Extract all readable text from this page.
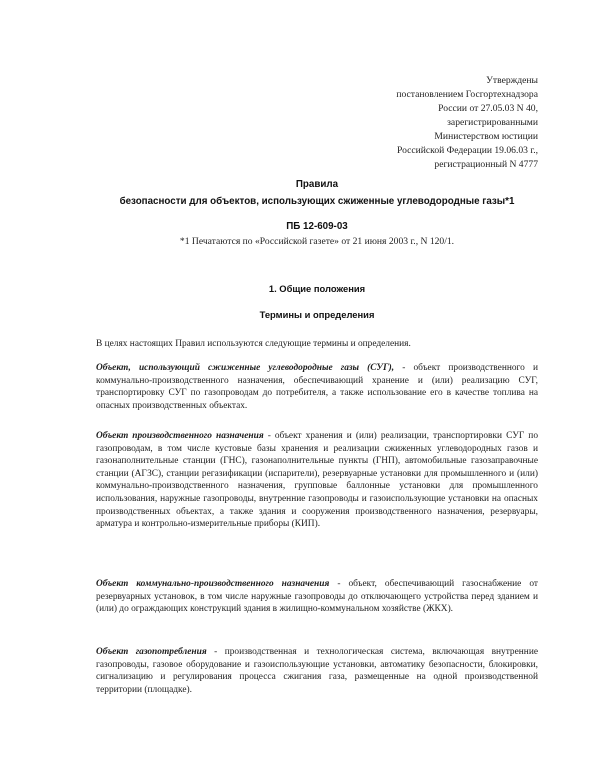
Утверждены
постановлением Госгортехнадзора
России от 27.05.03 N 40,
зарегистрированными
Министерством юстиции
Российской Федерации 19.06.03 г.,
регистрационный N 4777
Правила
безопасности для объектов, использующих сжиженные углеводородные газы*1
ПБ 12-609-03
*1 Печатаются по «Российской газете» от 21 июня 2003 г., N 120/1.
1. Общие положения
Термины и определения
В целях настоящих Правил используются следующие термины и определения.
Объект, использующий сжиженные углеводородные газы (СУГ), - объект производственного и коммунально-производственного назначения, обеспечивающий хранение и (или) реализацию СУГ, транспортировку СУГ по газопроводам до потребителя, а также использование его в качестве топлива на опасных производственных объектах.
Объект производственного назначения - объект хранения и (или) реализации, транспортировки СУГ по газопроводам, в том числе кустовые базы хранения и реализации сжиженных углеводородных газов и газонаполнительные станции (ГНС), газонаполнительные пункты (ГНП), автомобильные газозаправочные станции (АГЗС), станции регазификации (испарители), резервуарные установки для промышленного и (или) коммунально-производственного назначения, групповые баллонные установки для промышленного использования, наружные газопроводы, внутренние газопроводы и газоиспользующие установки на опасных производственных объектах, а также здания и сооружения производственного назначения, резервуары, арматура и контрольно-измерительные приборы (КИП).
Объект коммунально-производственного назначения - объект, обеспечивающий газоснабжение от резервуарных установок, в том числе наружные газопроводы до отключающего устройства перед зданием и (или) до ограждающих конструкций здания в жилищно-коммунальном хозяйстве (ЖКХ).
Объект газопотребления - производственная и технологическая система, включающая внутренние газопроводы, газовое оборудование и газоиспользующие установки, автоматику безопасности, блокировки, сигнализацию и регулирования процесса сжигания газа, размещенные на одной производственной территории (площадке).
